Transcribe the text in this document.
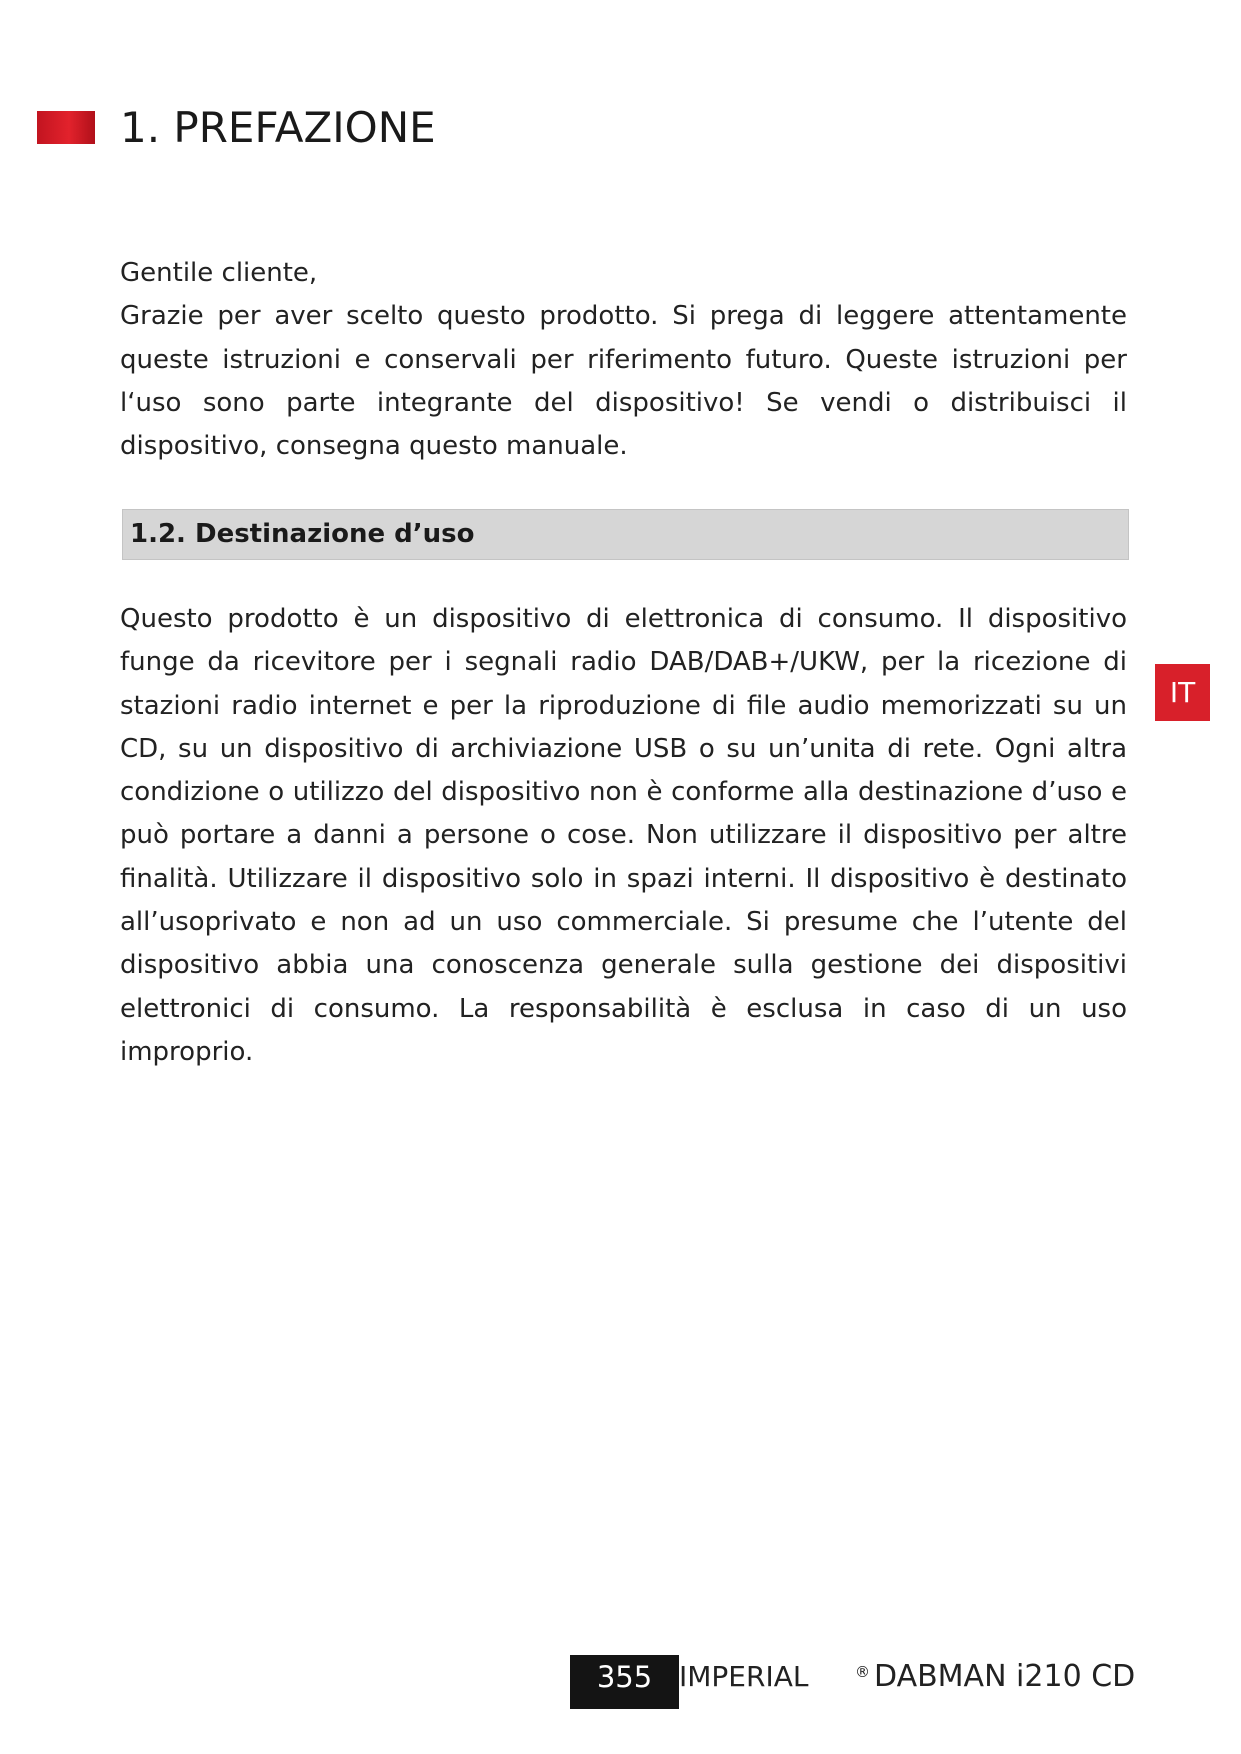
1. PREFAZIONE

Gentile cliente,

Grazie per aver scelto questo prodotto. Si prega di leggere attentamente queste istruzioni e conservali per riferimento futuro. Queste istruzioni per l‘uso sono parte integrante del dispositivo! Se vendi o distribuisci il dispositivo, consegna questo manuale.

1.2. Destinazione d’uso

Questo prodotto è un dispositivo di elettronica di consumo. Il dispositivo funge da ricevitore per i segnali radio DAB/DAB+/UKW, per la ricezione di stazioni radio internet e per la riproduzione di file audio memorizzati su un CD, su un dispositivo di archiviazione USB o su un’unita di rete. Ogni altra condizione o utilizzo del dispositivo non è conforme alla destinazione d’uso e può portare a danni a persone o cose. Non utilizzare il dispositivo per altre finalità. Utilizzare il dispositivo solo in spazi interni. Il dispositivo è destinato all’usoprivato e non ad un uso commerciale. Si presume che l’utente del dispositivo abbia una conoscenza generale sulla gestione dei dispositivi elettronici di consumo. La responsabilità è esclusa in caso di un uso improprio.

IT
355 IMPERIAL	® DABMAN i210 CD
